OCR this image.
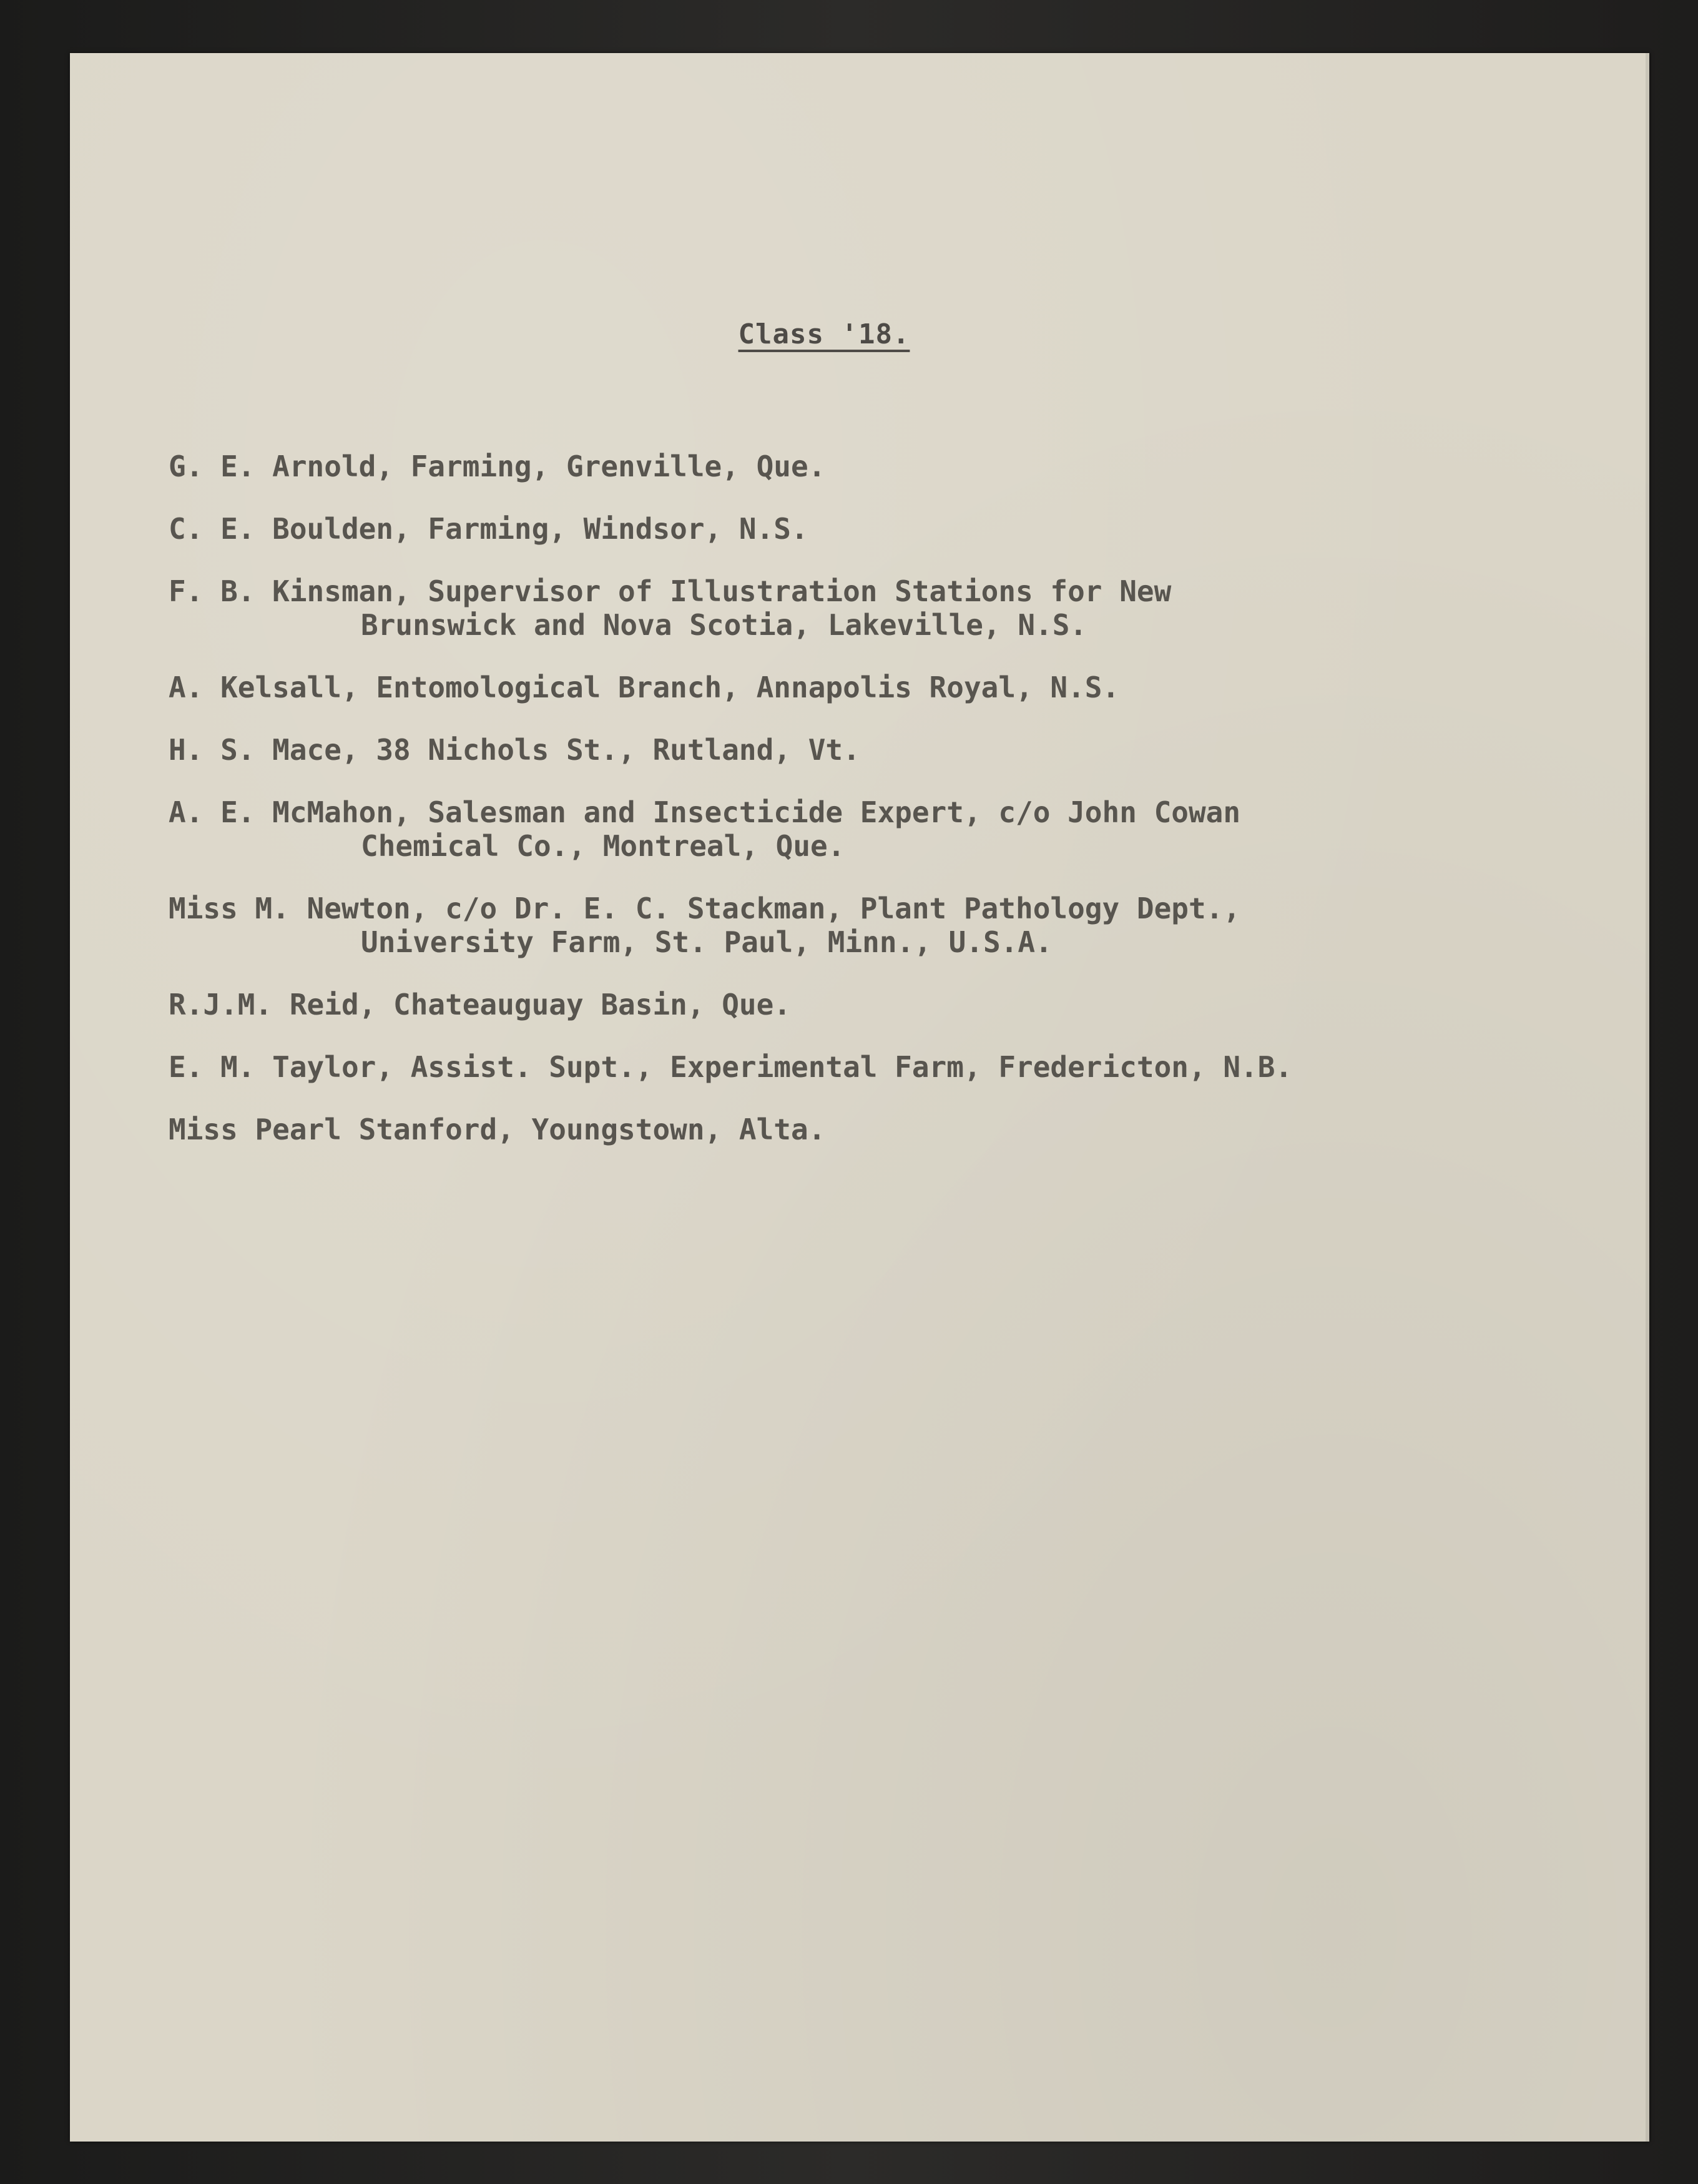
Class '18.
G. E. Arnold, Farming, Grenville, Que.
C. E. Boulden, Farming, Windsor, N.S.
F. B. Kinsman, Supervisor of Illustration Stations for New
Brunswick and Nova Scotia, Lakeville, N.S.
A. Kelsall, Entomological Branch, Annapolis Royal, N.S.
H. S. Mace, 38 Nichols St., Rutland, Vt.
A. E. McMahon, Salesman and Insecticide Expert, c/o John Cowan
Chemical Co., Montreal, Que.
Miss M. Newton, c/o Dr. E. C. Stackman, Plant Pathology Dept.,
University Farm, St. Paul, Minn., U.S.A.
R.J.M. Reid, Chateauguay Basin, Que.
E. M. Taylor, Assist. Supt., Experimental Farm, Fredericton, N.B.
Miss Pearl Stanford, Youngstown, Alta.
